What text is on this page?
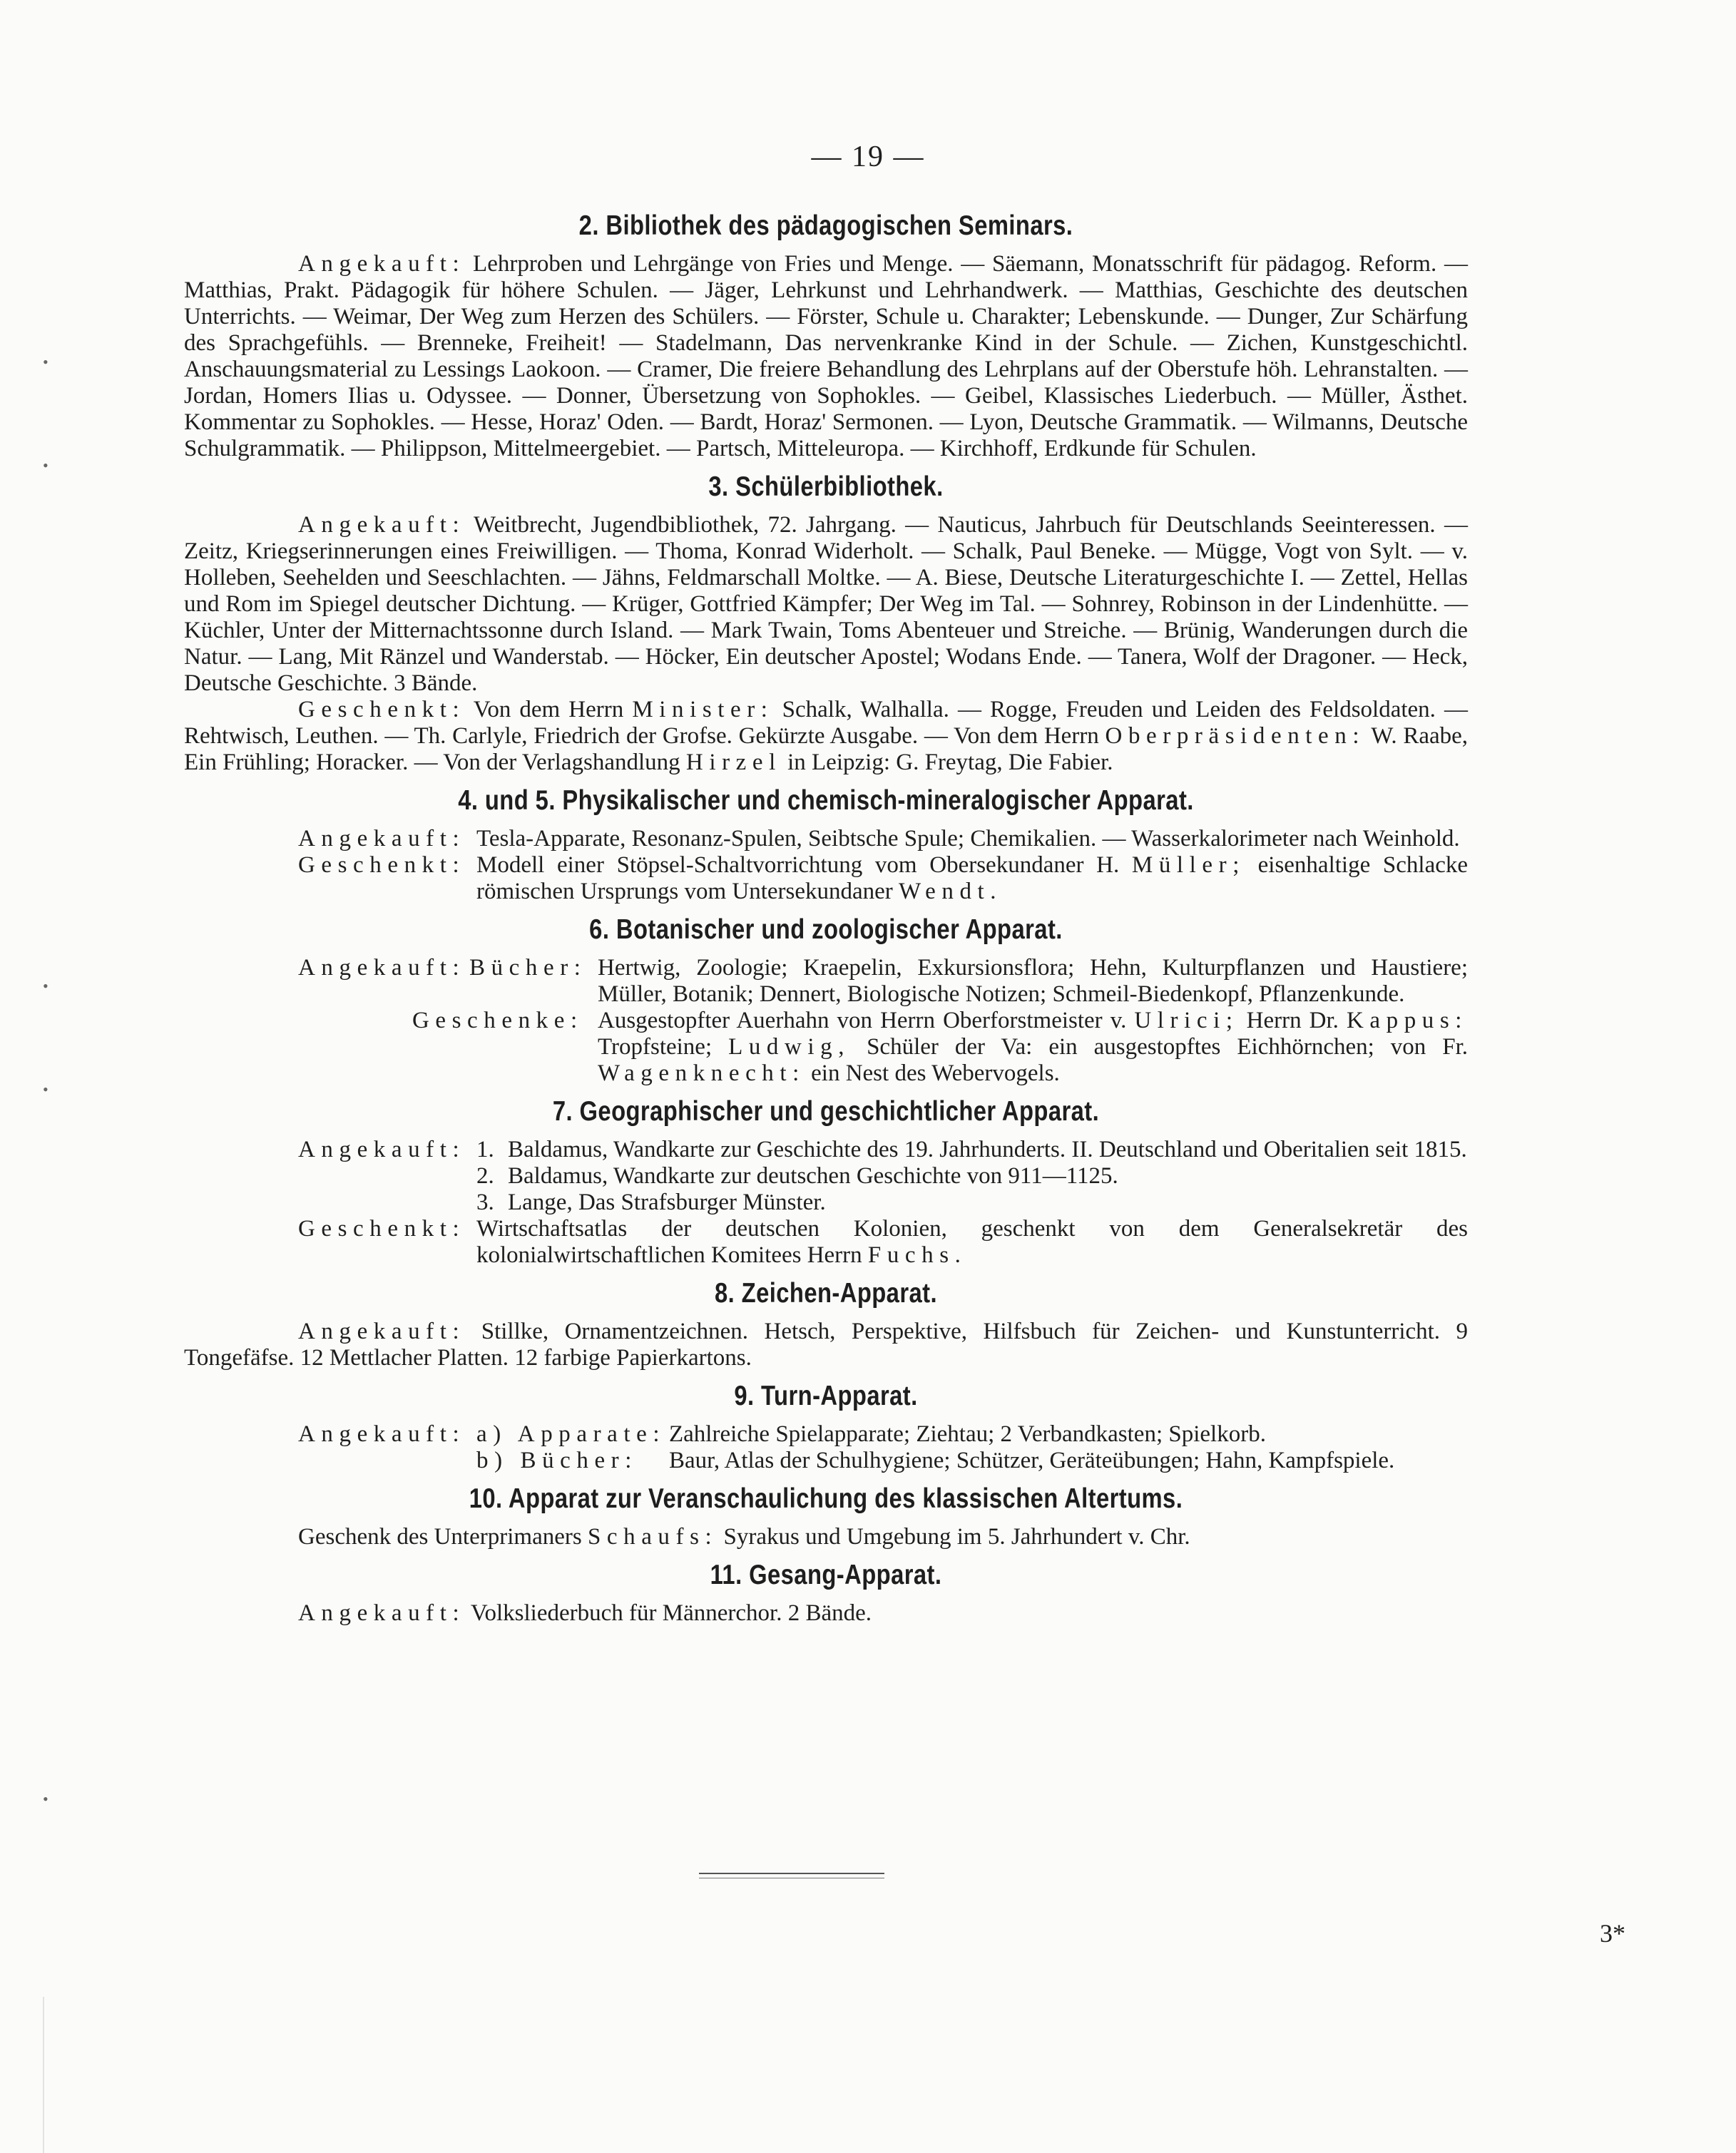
— 19 —
2. Bibliothek des pädagogischen Seminars.

Angekauft: Lehrproben und Lehrgänge von Fries und Menge. — Säemann, Monatsschrift für pädagog. Reform. — Matthias, Prakt. Pädagogik für höhere Schulen. — Jäger, Lehrkunst und Lehrhandwerk. — Matthias, Geschichte des deutschen Unterrichts. — Weimar, Der Weg zum Herzen des Schülers. — Förster, Schule u. Charakter; Lebenskunde. — Dunger, Zur Schärfung des Sprachgefühls. — Brenneke, Freiheit! — Stadelmann, Das nervenkranke Kind in der Schule. — Zichen, Kunstgeschichtl. Anschauungsmaterial zu Lessings Laokoon. — Cramer, Die freiere Behandlung des Lehrplans auf der Oberstufe höh. Lehranstalten. — Jordan, Homers Ilias u. Odyssee. — Donner, Übersetzung von Sophokles. — Geibel, Klassisches Liederbuch. — Müller, Ästhet. Kommentar zu Sophokles. — Hesse, Horaz' Oden. — Bardt, Horaz' Sermonen. — Lyon, Deutsche Grammatik. — Wilmanns, Deutsche Schulgrammatik. — Philippson, Mittelmeergebiet. — Partsch, Mitteleuropa. — Kirchhoff, Erdkunde für Schulen.

3. Schülerbibliothek.

Angekauft: Weitbrecht, Jugendbibliothek, 72. Jahrgang. — Nauticus, Jahrbuch für Deutschlands Seeinteressen. — Zeitz, Kriegserinnerungen eines Freiwilligen. — Thoma, Konrad Widerholt. — Schalk, Paul Beneke. — Mügge, Vogt von Sylt. — v. Holleben, Seehelden und Seeschlachten. — Jähns, Feldmarschall Moltke. — A. Biese, Deutsche Literaturgeschichte I. — Zettel, Hellas und Rom im Spiegel deutscher Dichtung. — Krüger, Gottfried Kämpfer; Der Weg im Tal. — Sohnrey, Robinson in der Lindenhütte. — Küchler, Unter der Mitternachtssonne durch Island. — Mark Twain, Toms Abenteuer und Streiche. — Brünig, Wanderungen durch die Natur. — Lang, Mit Ränzel und Wanderstab. — Höcker, Ein deutscher Apostel; Wodans Ende. — Tanera, Wolf der Dragoner. — Heck, Deutsche Geschichte. 3 Bände.

Geschenkt: Von dem Herrn Minister: Schalk, Walhalla. — Rogge, Freuden und Leiden des Feldsoldaten. — Rehtwisch, Leuthen. — Th. Carlyle, Friedrich der Grofse. Gekürzte Ausgabe. — Von dem Herrn Oberpräsidenten: W. Raabe, Ein Frühling; Horacker. — Von der Verlagshandlung Hirzel in Leipzig: G. Freytag, Die Fabier.

4. und 5. Physikalischer und chemisch-mineralogischer Apparat.
Angekauft: Tesla-Apparate, Resonanz-Spulen, Seibtsche Spule; Chemikalien. — Wasserkalorimeter nach Weinhold.
Geschenkt: Modell einer Stöpsel-Schaltvorrichtung vom Obersekundaner H. Müller; eisenhaltige Schlacke römischen Ursprungs vom Untersekundaner Wendt.
6. Botanischer und zoologischer Apparat.
Angekauft: Bücher: Hertwig, Zoologie; Kraepelin, Exkursionsflora; Hehn, Kulturpflanzen und Haustiere; Müller, Botanik; Dennert, Biologische Notizen; Schmeil-Biedenkopf, Pflanzenkunde.
Geschenke: Ausgestopfter Auerhahn von Herrn Oberforstmeister v. Ulrici; Herrn Dr. Kappus: Tropfsteine; Ludwig, Schüler der Va: ein ausgestopftes Eichhörnchen; von Fr. Wagenknecht: ein Nest des Webervogels.
7. Geographischer und geschichtlicher Apparat.
Angekauft: 1. Baldamus, Wandkarte zur Geschichte des 19. Jahrhunderts. II. Deutschland und Oberitalien seit 1815.
2. Baldamus, Wandkarte zur deutschen Geschichte von 911—1125.
3. Lange, Das Strafsburger Münster.
Geschenkt: Wirtschaftsatlas der deutschen Kolonien, geschenkt von dem Generalsekretär des kolonialwirtschaftlichen Komitees Herrn Fuchs.
8. Zeichen-Apparat.

Angekauft: Stillke, Ornamentzeichnen. Hetsch, Perspektive, Hilfsbuch für Zeichen- und Kunstunterricht. 9 Tongefäfse. 12 Mettlacher Platten. 12 farbige Papierkartons.

9. Turn-Apparat.
Angekauft: a) Apparate: Zahlreiche Spielapparate; Ziehtau; 2 Verbandkasten; Spielkorb.
b) Bücher:	Baur, Atlas der Schulhygiene; Schützer, Geräteübungen; Hahn, Kampfspiele.
10. Apparat zur Veranschaulichung des klassischen Altertums.

Geschenk des Unterprimaners Schaufs: Syrakus und Umgebung im 5. Jahrhundert v. Chr.

11. Gesang-Apparat.

Angekauft: Volksliederbuch für Männerchor. 2 Bände.

3*
•
•
•
•
•
